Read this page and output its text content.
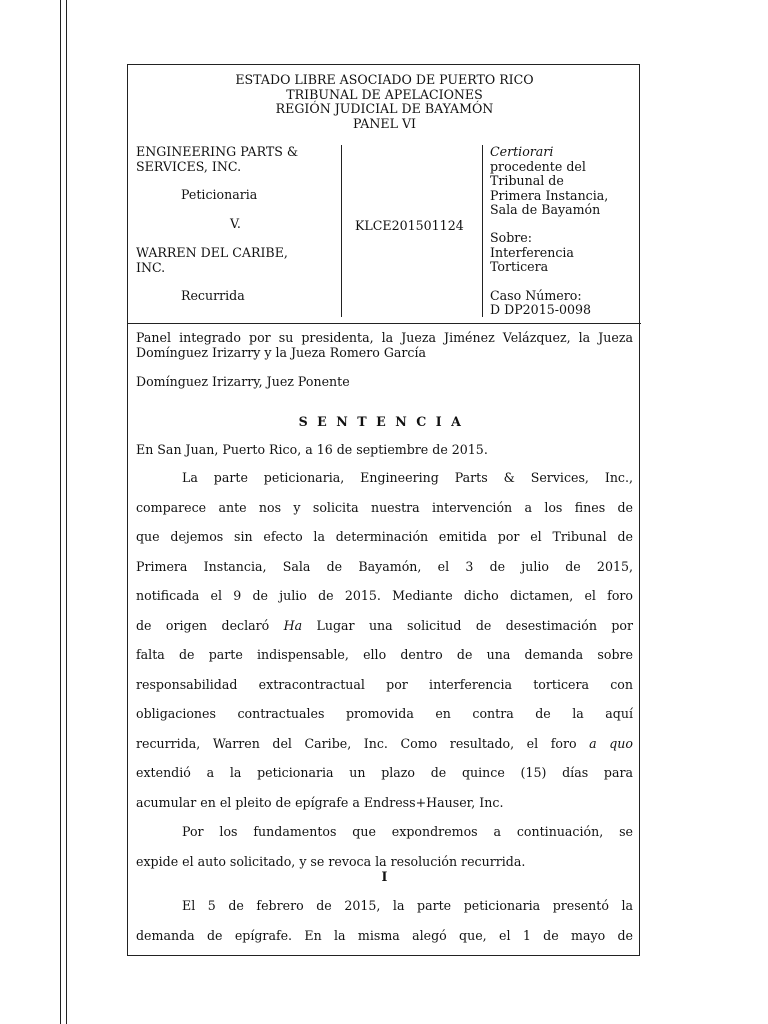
ESTADO LIBRE ASOCIADO DE PUERTO RICO
TRIBUNAL DE APELACIONES
REGIÓN JUDICIAL DE BAYAMÓN
PANEL VI
ENGINEERING PARTS &
SERVICES, INC.
Peticionaria
V.
WARREN DEL CARIBE,
INC.
Recurrida
KLCE201501124
Certiorari
procedente del
Tribunal de
Primera Instancia,
Sala de Bayamón
Sobre:
Interferencia
Torticera
Caso Número:
D DP2015-0098
Panel integrado por su presidenta, la Jueza Jiménez Velázquez, la Jueza Domínguez Irizarry y la Jueza Romero García
Domínguez Irizarry, Juez Ponente
SENTENCIA
En San Juan, Puerto Rico, a 16 de septiembre de 2015.
La parte peticionaria, Engineering Parts & Services, Inc.,
comparece ante nos y solicita nuestra intervención a los fines de
que dejemos sin efecto la determinación emitida por el Tribunal de
Primera Instancia, Sala de Bayamón, el 3 de julio de 2015,
notificada el 9 de julio de 2015. Mediante dicho dictamen, el foro
de origen declaró Ha Lugar una solicitud de desestimación por
falta de parte indispensable, ello dentro de una demanda sobre
responsabilidad extracontractual por interferencia torticera con
obligaciones contractuales promovida en contra de la aquí
recurrida, Warren del Caribe, Inc. Como resultado, el foro a quo
extendió a la peticionaria un plazo de quince (15) días para
acumular en el pleito de epígrafe a Endress+Hauser, Inc.
Por los fundamentos que expondremos a continuación, se
expide el auto solicitado, y se revoca la resolución recurrida.
I
El 5 de febrero de 2015, la parte peticionaria presentó la
demanda de epígrafe. En la misma alegó que, el 1 de mayo de
